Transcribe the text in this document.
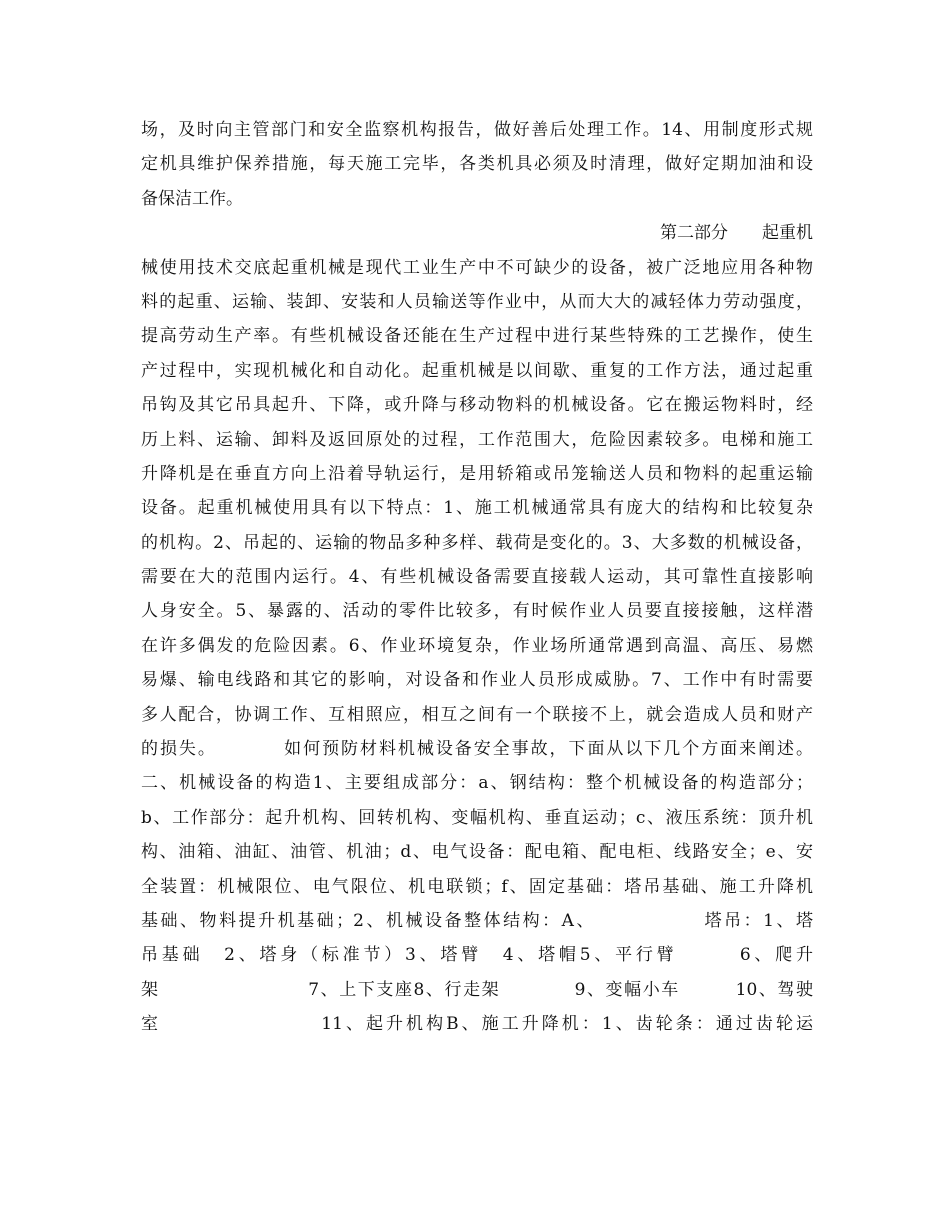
场，及时向主管部门和安全监察机构报告，做好善后处理工作。14、用制度形式规
定机具维护保养措施，每天施工完毕，各类机具必须及时清理，做好定期加油和设
备保洁工作。
第二部分　　起重机
械使用技术交底起重机械是现代工业生产中不可缺少的设备，被广泛地应用各种物
料的起重、运输、装卸、安装和人员输送等作业中，从而大大的减轻体力劳动强度，
提高劳动生产率。有些机械设备还能在生产过程中进行某些特殊的工艺操作，使生
产过程中，实现机械化和自动化。起重机械是以间歇、重复的工作方法，通过起重
吊钩及其它吊具起升、下降，或升降与移动物料的机械设备。它在搬运物料时，经
历上料、运输、卸料及返回原处的过程，工作范围大，危险因素较多。电梯和施工
升降机是在垂直方向上沿着导轨运行，是用轿箱或吊笼输送人员和物料的起重运输
设备。起重机械使用具有以下特点：1、施工机械通常具有庞大的结构和比较复杂
的机构。2、吊起的、运输的物品多种多样、载荷是变化的。3、大多数的机械设备，
需要在大的范围内运行。4、有些机械设备需要直接载人运动，其可靠性直接影响
人身安全。5、暴露的、活动的零件比较多，有时候作业人员要直接接触，这样潜
在许多偶发的危险因素。6、作业环境复杂，作业场所通常遇到高温、高压、易燃
易爆、输电线路和其它的影响，对设备和作业人员形成威胁。7、工作中有时需要
多人配合，协调工作、互相照应，相互之间有一个联接不上，就会造成人员和财产
的损失。　　　　如何预防材料机械设备安全事故，下面从以下几个方面来阐述。
二、机械设备的构造1、主要组成部分：a、钢结构：整个机械设备的构造部分；
b、工作部分：起升机构、回转机构、变幅机构、垂直运动；c、液压系统：顶升机
构、油箱、油缸、油管、机油；d、电气设备：配电箱、配电柜、线路安全；e、安
全装置：机械限位、电气限位、机电联锁；f、固定基础：塔吊基础、施工升降机
基础、物料提升机基础；2、机械设备整体结构：A、　　　　　　塔吊：1、塔
吊基础　2、塔身（标准节）3、塔臂　4、塔帽5、平行臂　　　6、爬升
架　　　　　　　　7、上下支座8、行走架　　　　9、变幅小车　　　10、驾驶
室　　　　　　　　11、起升机构B、施工升降机：1、齿轮条：通过齿轮运
